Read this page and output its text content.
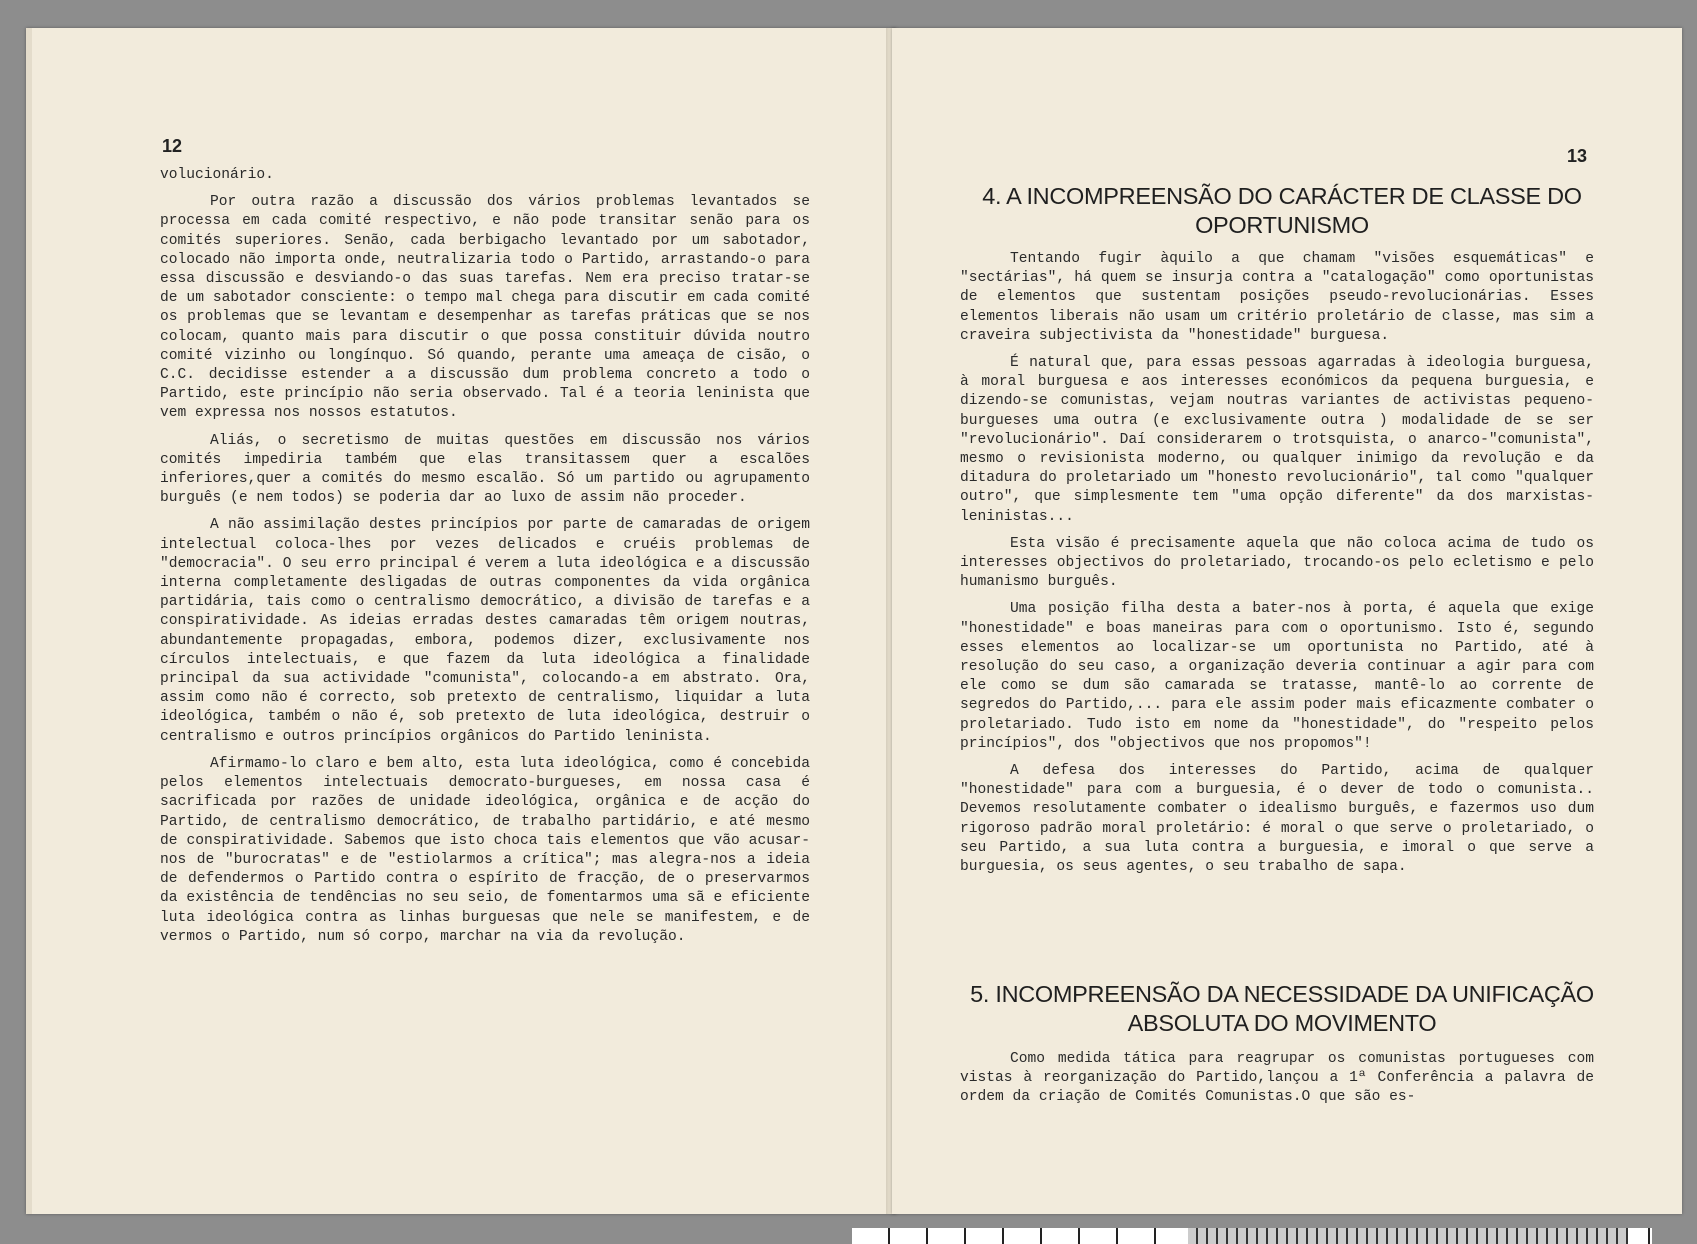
12

volucionário.

Por outra razão a discussão dos vários problemas levantados se processa em cada comité respectivo, e não pode transitar senão para os comités superiores. Senão, cada berbigacho levantado por um sabotador, colocado não importa onde, neutralizaria todo o Partido, arrastando-o para essa discussão e desviando-o das suas tarefas. Nem era preciso tratar-se de um sabotador consciente: o tempo mal chega para discutir em cada comité os problemas que se levantam e desempenhar as tarefas práticas que se nos colocam, quanto mais para discutir o que possa constituir dúvida noutro comité vizinho ou longínquo. Só quando, perante uma ameaça de cisão, o C.C. decidisse estender a a discussão dum problema concreto a todo o Partido, este princípio não seria observado. Tal é a teoria leninista que vem expressa nos nossos estatutos.

Aliás, o secretismo de muitas questões em discussão nos vários comités impediria também que elas transitassem quer a escalões inferiores,quer a comités do mesmo escalão. Só um partido ou agrupamento burguês (e nem todos) se poderia dar ao luxo de assim não proceder.

A não assimilação destes princípios por parte de camaradas de origem intelectual coloca-lhes por vezes delicados e cruéis problemas de "democracia". O seu erro principal é verem a luta ideológica e a discussão interna completamente desligadas de outras componentes da vida orgânica partidária, tais como o centralismo democrático, a divisão de tarefas e a conspiratividade. As ideias erradas destes camaradas têm origem noutras, abundantemente propagadas, embora, podemos dizer, exclusivamente nos círculos intelectuais, e que fazem da luta ideológica a finalidade principal da sua actividade "comunista", colocando-a em abstrato. Ora, assim como não é correcto, sob pretexto de centralismo, liquidar a luta ideológica, também o não é, sob pretexto de luta ideológica, destruir o centralismo e outros princípios orgânicos do Partido leninista.

Afirmamo-lo claro e bem alto, esta luta ideológica, como é concebida pelos elementos intelectuais democrato-burgueses, em nossa casa é sacrificada por razões de unidade ideológica, orgânica e de acção do Partido, de centralismo democrático, de trabalho partidário, e até mesmo de conspiratividade. Sabemos que isto choca tais elementos que vão acusar-nos de "burocratas" e de "estiolarmos a crítica"; mas alegra-nos a ideia de defendermos o Partido contra o espírito de fracção, de o preservarmos da existência de tendências no seu seio, de fomentarmos uma sã e eficiente luta ideológica contra as linhas burguesas que nele se manifestem, e de vermos o Partido, num só corpo, marchar na via da revolução.

13
4. A INCOMPREENSÃO DO CARÁCTER DE CLASSE DO OPORTUNISMO

Tentando fugir àquilo a que chamam "visões esquemáticas" e "sectárias", há quem se insurja contra a "catalogação" como oportunistas de elementos que sustentam posições pseudo-revolucionárias. Esses elementos liberais não usam um critério proletário de classe, mas sim a craveira subjectivista da "honestidade" burguesa.

É natural que, para essas pessoas agarradas à ideologia burguesa, à moral burguesa e aos interesses económicos da pequena burguesia, e dizendo-se comunistas, vejam noutras variantes de activistas pequeno-burgueses uma outra (e exclusivamente outra ) modalidade de se ser "revolucionário". Daí considerarem o trotsquista, o anarco-"comunista", mesmo o revisionista moderno, ou qualquer inimigo da revolução e da ditadura do proletariado um "honesto revolucionário", tal como "qualquer outro", que simplesmente tem "uma opção diferente" da dos marxistas-leninistas...

Esta visão é precisamente aquela que não coloca acima de tudo os interesses objectivos do proletariado, trocando-os pelo ecletismo e pelo humanismo burguês.

Uma posição filha desta a bater-nos à porta, é aquela que exige "honestidade" e boas maneiras para com o oportunismo. Isto é, segundo esses elementos ao localizar-se um oportunista no Partido, até à resolução do seu caso, a organização deveria continuar a agir para com ele como se dum são camarada se tratasse, mantê-lo ao corrente de segredos do Partido,... para ele assim poder mais eficazmente combater o proletariado. Tudo isto em nome da "honestidade", do "respeito pelos princípios", dos "objectivos que nos propomos"!

A defesa dos interesses do Partido, acima de qualquer "honestidade" para com a burguesia, é o dever de todo o comunista.. Devemos resolutamente combater o idealismo burguês, e fazermos uso dum rigoroso padrão moral proletário: é moral o que serve o proletariado, o seu Partido, a sua luta contra a burguesia, e imoral o que serve a burguesia, os seus agentes, o seu trabalho de sapa.

5. INCOMPREENSÃO DA NECESSIDADE DA UNIFICAÇÃO ABSOLUTA DO MOVIMENTO

Como medida tática para reagrupar os comunistas portugueses com vistas à reorganização do Partido,lançou a 1ª Conferência a palavra de ordem da criação de Comités Comunistas.O que são es-
